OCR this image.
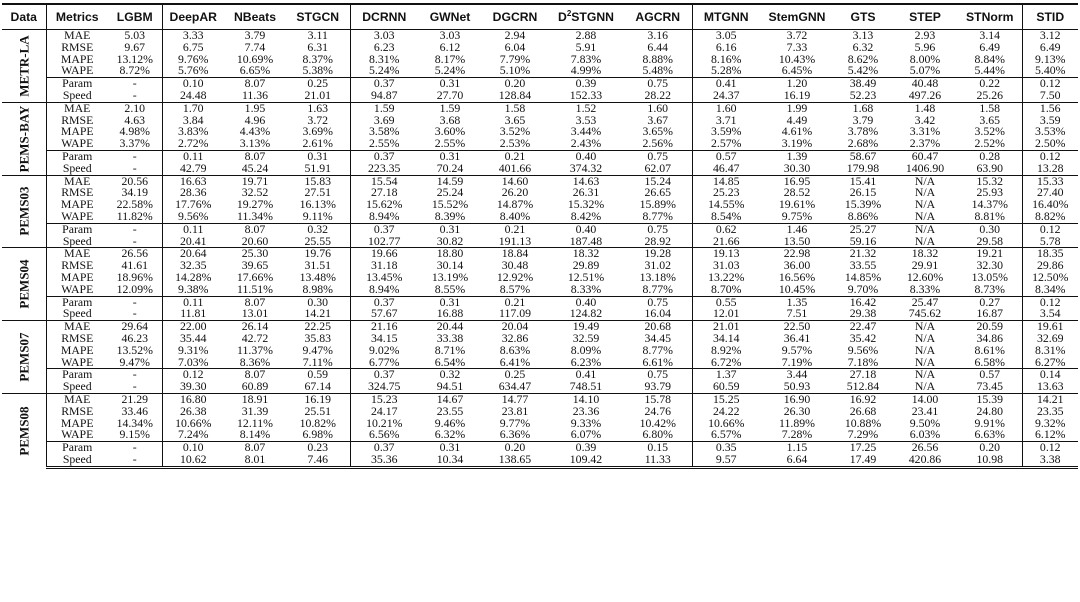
Data	Metrics	LGBM	DeepAR	NBeats	STGCN	DCRNN	GWNet	DGCRN	$D^2STGNN$	AGCRN	MTGNN	StemGNN	GTS	STEP	STNorm	STID

METR-LA	MAE	5.03	3.33	3.79	3.11	3.03	3.03	2.94	2.88	3.16	3.05	3.72	3.13	2.93	3.14	3.12
	RMSE	9.67	6.75	7.74	6.31	6.23	6.12	6.04	5.91	6.44	6.16	7.33	6.32	5.96	6.49	6.49
	MAPE	13.12%	9.76%	10.69%	8.37%	8.31%	8.17%	7.79%	7.83%	8.88%	8.16%	10.43%	8.62%	8.00%	8.84%	9.13%
	WAPE	8.72%	5.76%	6.65%	5.38%	5.24%	5.24%	5.10%	4.99%	5.48%	5.28%	6.45%	5.42%	5.07%	5.44%	5.40%
	Param	-	0.10	8.07	0.25	0.37	0.31	0.20	0.39	0.75	0.41	1.20	38.49	40.48	0.22	0.12
	Speed	-	24.48	11.36	21.01	94.87	27.70	128.84	152.33	28.22	24.37	16.19	52.23	497.26	25.26	7.50

PEMS-BAY	MAE	2.10	1.70	1.95	1.63	1.59	1.59	1.58	1.52	1.60	1.60	1.99	1.68	1.48	1.58	1.56
	RMSE	4.63	3.84	4.96	3.72	3.69	3.68	3.65	3.53	3.67	3.71	4.49	3.79	3.42	3.65	3.59
	MAPE	4.98%	3.83%	4.43%	3.69%	3.58%	3.60%	3.52%	3.44%	3.65%	3.59%	4.61%	3.78%	3.31%	3.52%	3.53%
	WAPE	3.37%	2.72%	3.13%	2.61%	2.55%	2.55%	2.53%	2.43%	2.56%	2.57%	3.19%	2.68%	2.37%	2.52%	2.50%
	Param	-	0.11	8.07	0.31	0.37	0.31	0.21	0.40	0.75	0.57	1.39	58.67	60.47	0.28	0.12
	Speed	-	42.79	45.24	51.91	223.35	70.24	401.66	374.32	62.07	46.47	30.30	179.98	1406.90	63.90	13.28

PEMS03	MAE	20.56	16.63	19.71	15.83	15.54	14.59	14.60	14.63	15.24	14.85	16.95	15.41	N/A	15.32	15.33
	RMSE	34.19	28.36	32.52	27.51	27.18	25.24	26.20	26.31	26.65	25.23	28.52	26.15	N/A	25.93	27.40
	MAPE	22.58%	17.76%	19.27%	16.13%	15.62%	15.52%	14.87%	15.32%	15.89%	14.55%	19.61%	15.39%	N/A	14.37%	16.40%
	WAPE	11.82%	9.56%	11.34%	9.11%	8.94%	8.39%	8.40%	8.42%	8.77%	8.54%	9.75%	8.86%	N/A	8.81%	8.82%
	Param	-	0.11	8.07	0.32	0.37	0.31	0.21	0.40	0.75	0.62	1.46	25.27	N/A	0.30	0.12
	Speed	-	20.41	20.60	25.55	102.77	30.82	191.13	187.48	28.92	21.66	13.50	59.16	N/A	29.58	5.78

PEMS04	MAE	26.56	20.64	25.30	19.76	19.66	18.80	18.84	18.32	19.28	19.13	22.98	21.32	18.32	19.21	18.35
	RMSE	41.61	32.35	39.65	31.51	31.18	30.14	30.48	29.89	31.02	31.03	36.00	33.55	29.91	32.30	29.86
	MAPE	18.96%	14.28%	17.66%	13.48%	13.45%	13.19%	12.92%	12.51%	13.18%	13.22%	16.56%	14.85%	12.60%	13.05%	12.50%
	WAPE	12.09%	9.38%	11.51%	8.98%	8.94%	8.55%	8.57%	8.33%	8.77%	8.70%	10.45%	9.70%	8.33%	8.73%	8.34%
	Param	-	0.11	8.07	0.30	0.37	0.31	0.21	0.40	0.75	0.55	1.35	16.42	25.47	0.27	0.12
	Speed	-	11.81	13.01	14.21	57.67	16.88	117.09	124.82	16.04	12.01	7.51	29.38	745.62	16.87	3.54

PEMS07	MAE	29.64	22.00	26.14	22.25	21.16	20.44	20.04	19.49	20.68	21.01	22.50	22.47	N/A	20.59	19.61
	RMSE	46.23	35.44	42.72	35.83	34.15	33.38	32.86	32.59	34.45	34.14	36.41	35.42	N/A	34.86	32.69
	MAPE	13.52%	9.31%	11.37%	9.47%	9.02%	8.71%	8.63%	8.09%	8.77%	8.92%	9.57%	9.56%	N/A	8.61%	8.31%
	WAPE	9.47%	7.03%	8.36%	7.11%	6.77%	6.54%	6.41%	6.23%	6.61%	6.72%	7.19%	7.18%	N/A	6.58%	6.27%
	Param	-	0.12	8.07	0.59	0.37	0.32	0.25	0.41	0.75	1.37	3.44	27.18	N/A	0.57	0.14
	Speed	-	39.30	60.89	67.14	324.75	94.51	634.47	748.51	93.79	60.59	50.93	512.84	N/A	73.45	13.63

PEMS08	MAE	21.29	16.80	18.91	16.19	15.23	14.67	14.77	14.10	15.78	15.25	16.90	16.92	14.00	15.39	14.21
	RMSE	33.46	26.38	31.39	25.51	24.17	23.55	23.81	23.36	24.76	24.22	26.30	26.68	23.41	24.80	23.35
	MAPE	14.34%	10.66%	12.11%	10.82%	10.21%	9.46%	9.77%	9.33%	10.42%	10.66%	11.89%	10.88%	9.50%	9.91%	9.32%
	WAPE	9.15%	7.24%	8.14%	6.98%	6.56%	6.32%	6.36%	6.07%	6.80%	6.57%	7.28%	7.29%	6.03%	6.63%	6.12%
	Param	-	0.10	8.07	0.23	0.37	0.31	0.20	0.39	0.15	0.35	1.15	17.25	26.56	0.20	0.12
	Speed	-	10.62	8.01	7.46	35.36	10.34	138.65	109.42	11.33	9.57	6.64	17.49	420.86	10.98	3.38
